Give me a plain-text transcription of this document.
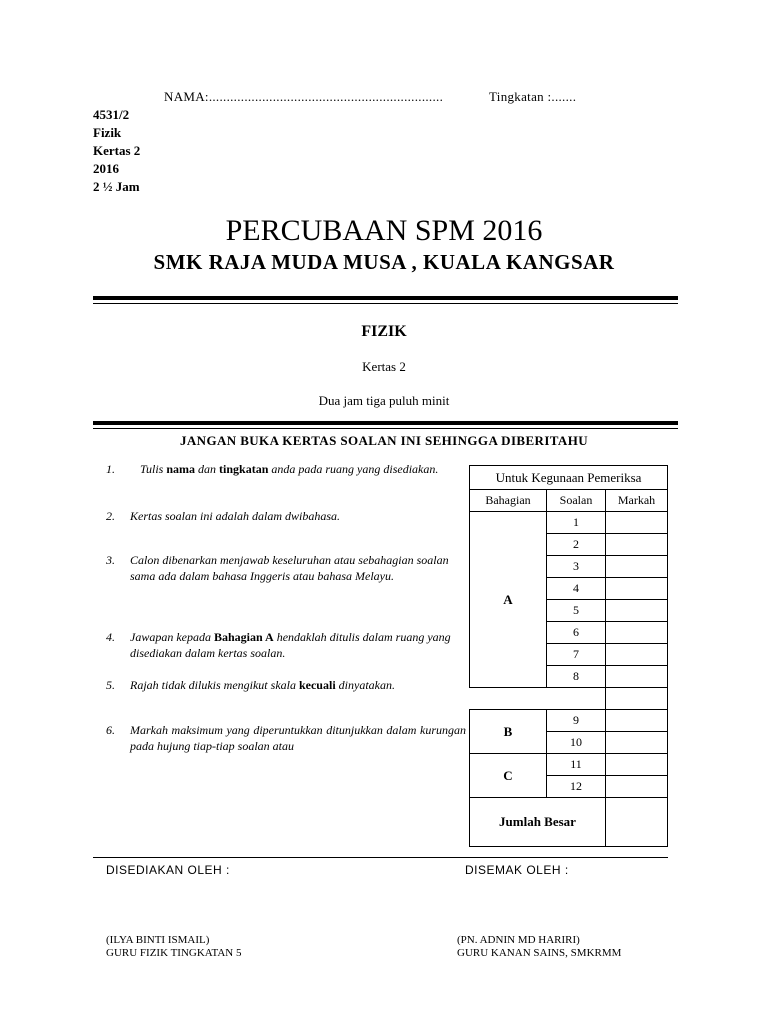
NAMA:..................................................................	Tingkatan :.......
4531/2
Fizik
Kertas 2
2016
2 ½ Jam
PERCUBAAN SPM 2016
SMK RAJA MUDA MUSA , KUALA KANGSAR
FIZIK
Kertas 2
Dua jam tiga puluh minit
JANGAN BUKA KERTAS SOALAN INI SEHINGGA DIBERITAHU
1.	Tulis nama dan tingkatan anda pada ruang yang disediakan.
2. Kertas soalan ini adalah dalam dwibahasa.
3. Calon dibenarkan menjawab keseluruhan atau sebahagian soalan sama ada dalam bahasa Inggeris atau bahasa Melayu.
4. Jawapan kepada Bahagian A hendaklah ditulis dalam ruang yang disediakan dalam kertas soalan.
5. Rajah tidak dilukis mengikut skala kecuali dinyatakan.
6. Markah maksimum yang diperuntukkan ditunjukkan dalam kurungan pada hujung tiap-tiap soalan atau
Untuk Kegunaan Pemeriksa		
Bahagian	Soalan	Markah
A	1	
	2	
	3	
	4	
	5	
	6	
	7	
	8	

B	9	
	10	
C	11	
	12	
Jumlah Besar		
DISEDIAKAN OLEH :	DISEMAK OLEH :
(ILYA BINTI ISMAIL)
GURU FIZIK TINGKATAN 5
(PN. ADNIN MD HARIRI)
GURU KANAN SAINS, SMKRMM
